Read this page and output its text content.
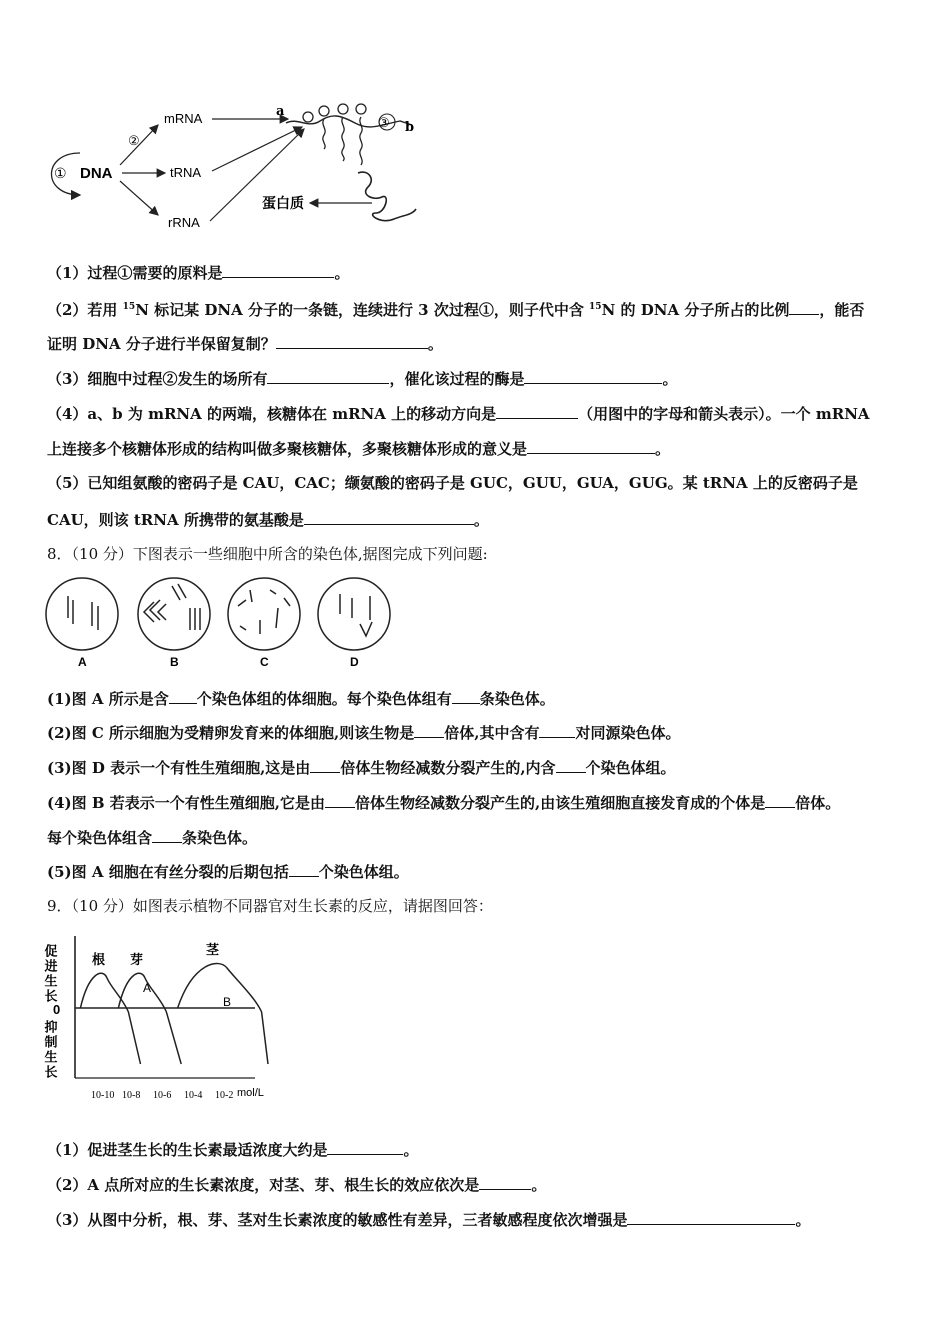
① DNA
②
mRNA
tRNA
rRNA
a
③ b
蛋白质
（1）过程①需要的原料是	。
（2）若用 $^{15}$N 标记某 DNA 分子的一条链，连续进行 3 次过程①，则子代中含 $^{15}$N 的 DNA 分子所占的比例 ，能否
证明 DNA 分子进行半保留复制？	。
（3）细胞中过程②发生的场所有	，催化该过程的酶是	。
（4）a、b 为 mRNA 的两端，核糖体在 mRNA 上的移动方向是	（用图中的字母和箭头表示）。一个 mRNA
上连接多个核糖体形成的结构叫做多聚核糖体，多聚核糖体形成的意义是	。
（5）已知组氨酸的密码子是 CAU，CAC；缬氨酸的密码子是 GUC，GUU，GUA，GUG。某 tRNA 上的反密码子是
CAU，则该 tRNA 所携带的氨基酸是	。
8．（10 分）下图表示一些细胞中所含的染色体,据图完成下列问题:
A	B	C	D
(1)图 A 所示是含 个染色体组的体细胞。每个染色体组有 条染色体。
(2)图 C 所示细胞为受精卵发育来的体细胞,则该生物是 倍体,其中含有 对同源染色体。
(3)图 D 表示一个有性生殖细胞,这是由 倍体生物经减数分裂产生的,内含 个染色体组。
(4)图 B 若表示一个有性生殖细胞,它是由 倍体生物经减数分裂产生的,由该生殖细胞直接发育成的个体是 倍体。
每个染色体组含 条染色体。
(5)图 A 细胞在有丝分裂的后期包括 个染色体组。
9．（10 分）如图表示植物不同器官对生长素的反应，请据图回答：
促进生长
0
抑制生长
根 芽
茎
A
B
10-10 10-8 10-6 10-4 10-2 mol/L
（1）促进茎生长的生长素最适浓度大约是	。
（2）A 点所对应的生长素浓度，对茎、芽、根生长的效应依次是	。
（3）从图中分析，根、芽、茎对生长素浓度的敏感性有差异，三者敏感程度依次增强是	。
